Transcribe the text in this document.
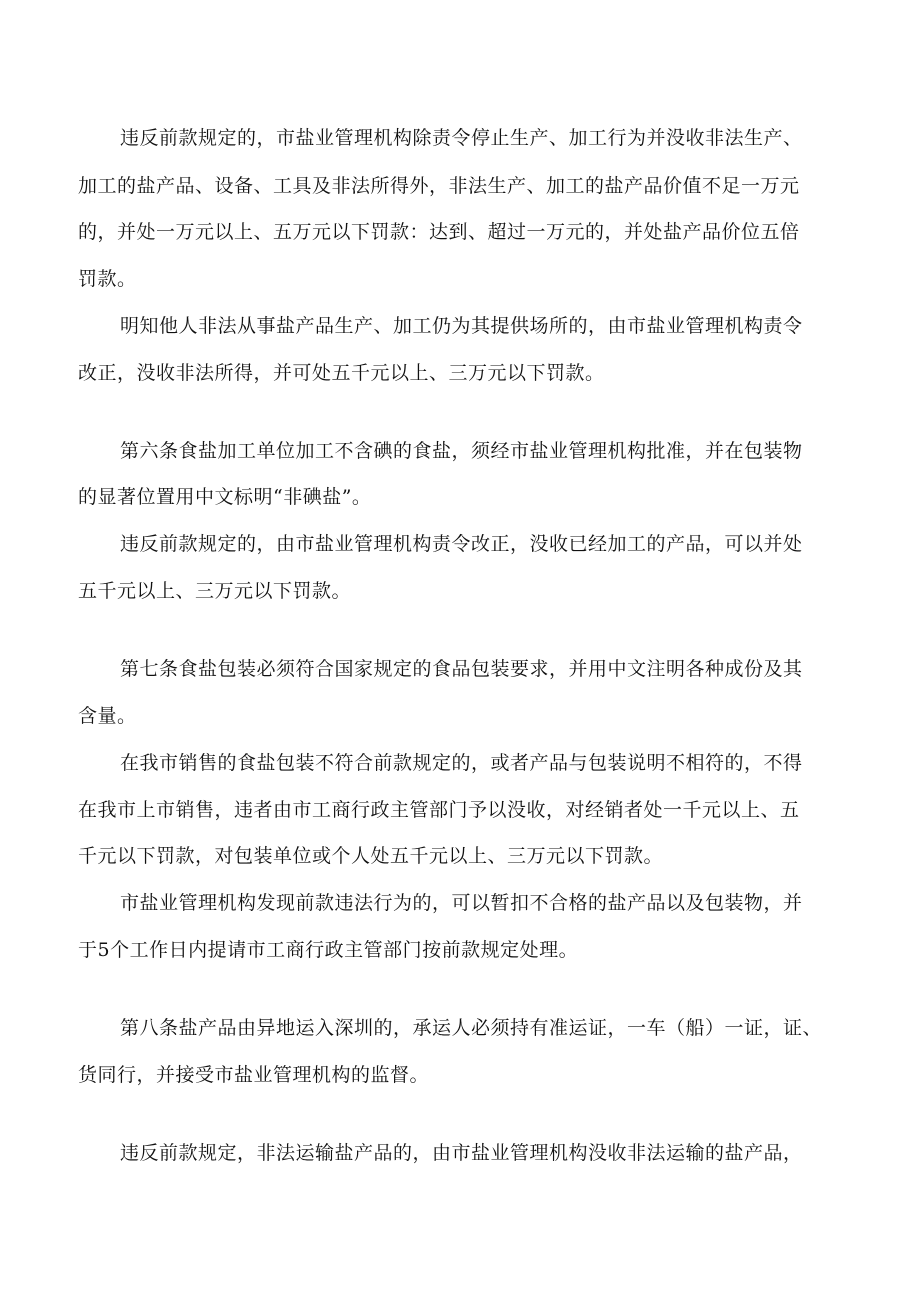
违反前款规定的，市盐业管理机构除责令停止生产、加工行为并没收非法生产、

加工的盐产品、设备、工具及非法所得外，非法生产、加工的盐产品价值不足一万元

的，并处一万元以上、五万元以下罚款：达到、超过一万元的，并处盐产品价位五倍

罚款。

明知他人非法从事盐产品生产、加工仍为其提供场所的，由市盐业管理机构责令

改正，没收非法所得，并可处五千元以上、三万元以下罚款。

第六条食盐加工单位加工不含碘的食盐，须经市盐业管理机构批准，并在包装物

的显著位置用中文标明“非碘盐”。

违反前款规定的，由市盐业管理机构责令改正，没收已经加工的产品，可以并处

五千元以上、三万元以下罚款。

第七条食盐包装必须符合国家规定的食品包装要求，并用中文注明各种成份及其

含量。

在我市销售的食盐包装不符合前款规定的，或者产品与包装说明不相符的，不得

在我市上市销售，违者由市工商行政主管部门予以没收，对经销者处一千元以上、五

千元以下罚款，对包装单位或个人处五千元以上、三万元以下罚款。

市盐业管理机构发现前款违法行为的，可以暂扣不合格的盐产品以及包装物，并

于5个工作日内提请市工商行政主管部门按前款规定处理。

第八条盐产品由异地运入深圳的，承运人必须持有准运证，一车（船）一证，证、

货同行，并接受市盐业管理机构的监督。

违反前款规定，非法运输盐产品的，由市盐业管理机构没收非法运输的盐产品，
